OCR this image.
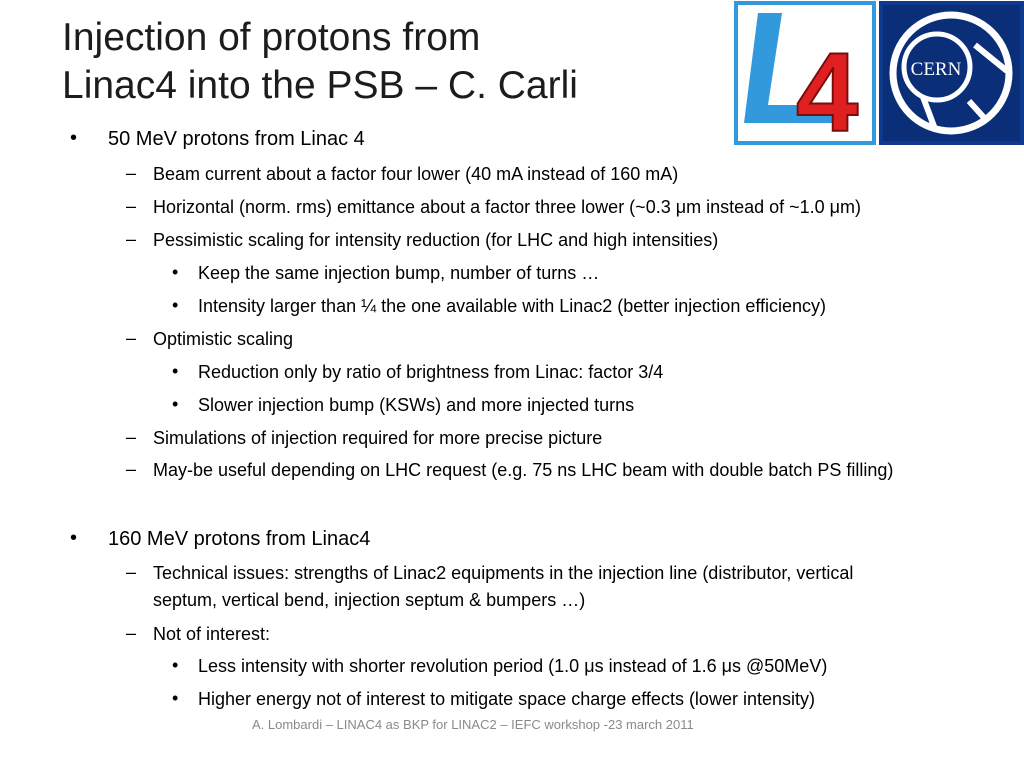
Injection of protons from
Linac4 into the PSB – C. Carli 4	CERN
• 50 MeV protons from Linac 4
– Beam current about a factor four lower (40 mA instead of 160 mA)
– Horizontal (norm. rms) emittance about a factor three lower (~0.3 μm instead of ~1.0 μm)
– Pessimistic scaling for intensity reduction (for LHC and high intensities)
• Keep the same injection bump, number of turns …
• Intensity larger than ¼ the one available with Linac2 (better injection efficiency)
– Optimistic scaling
• Reduction only by ratio of brightness from Linac: factor 3/4
• Slower injection bump (KSWs) and more injected turns
– Simulations of injection required for more precise picture
– May-be useful depending on LHC request (e.g. 75 ns LHC beam with double batch PS filling)
• 160 MeV protons from Linac4
– Technical issues: strengths of Linac2 equipments in the injection line (distributor, vertical
septum, vertical bend, injection septum & bumpers …)
– Not of interest:
• Less intensity with shorter revolution period (1.0 μs instead of 1.6 μs @50MeV)
• Higher energy not of interest to mitigate space charge effects (lower intensity)
A. Lombardi – LINAC4 as BKP for LINAC2 – IEFC workshop -23 march 2011
